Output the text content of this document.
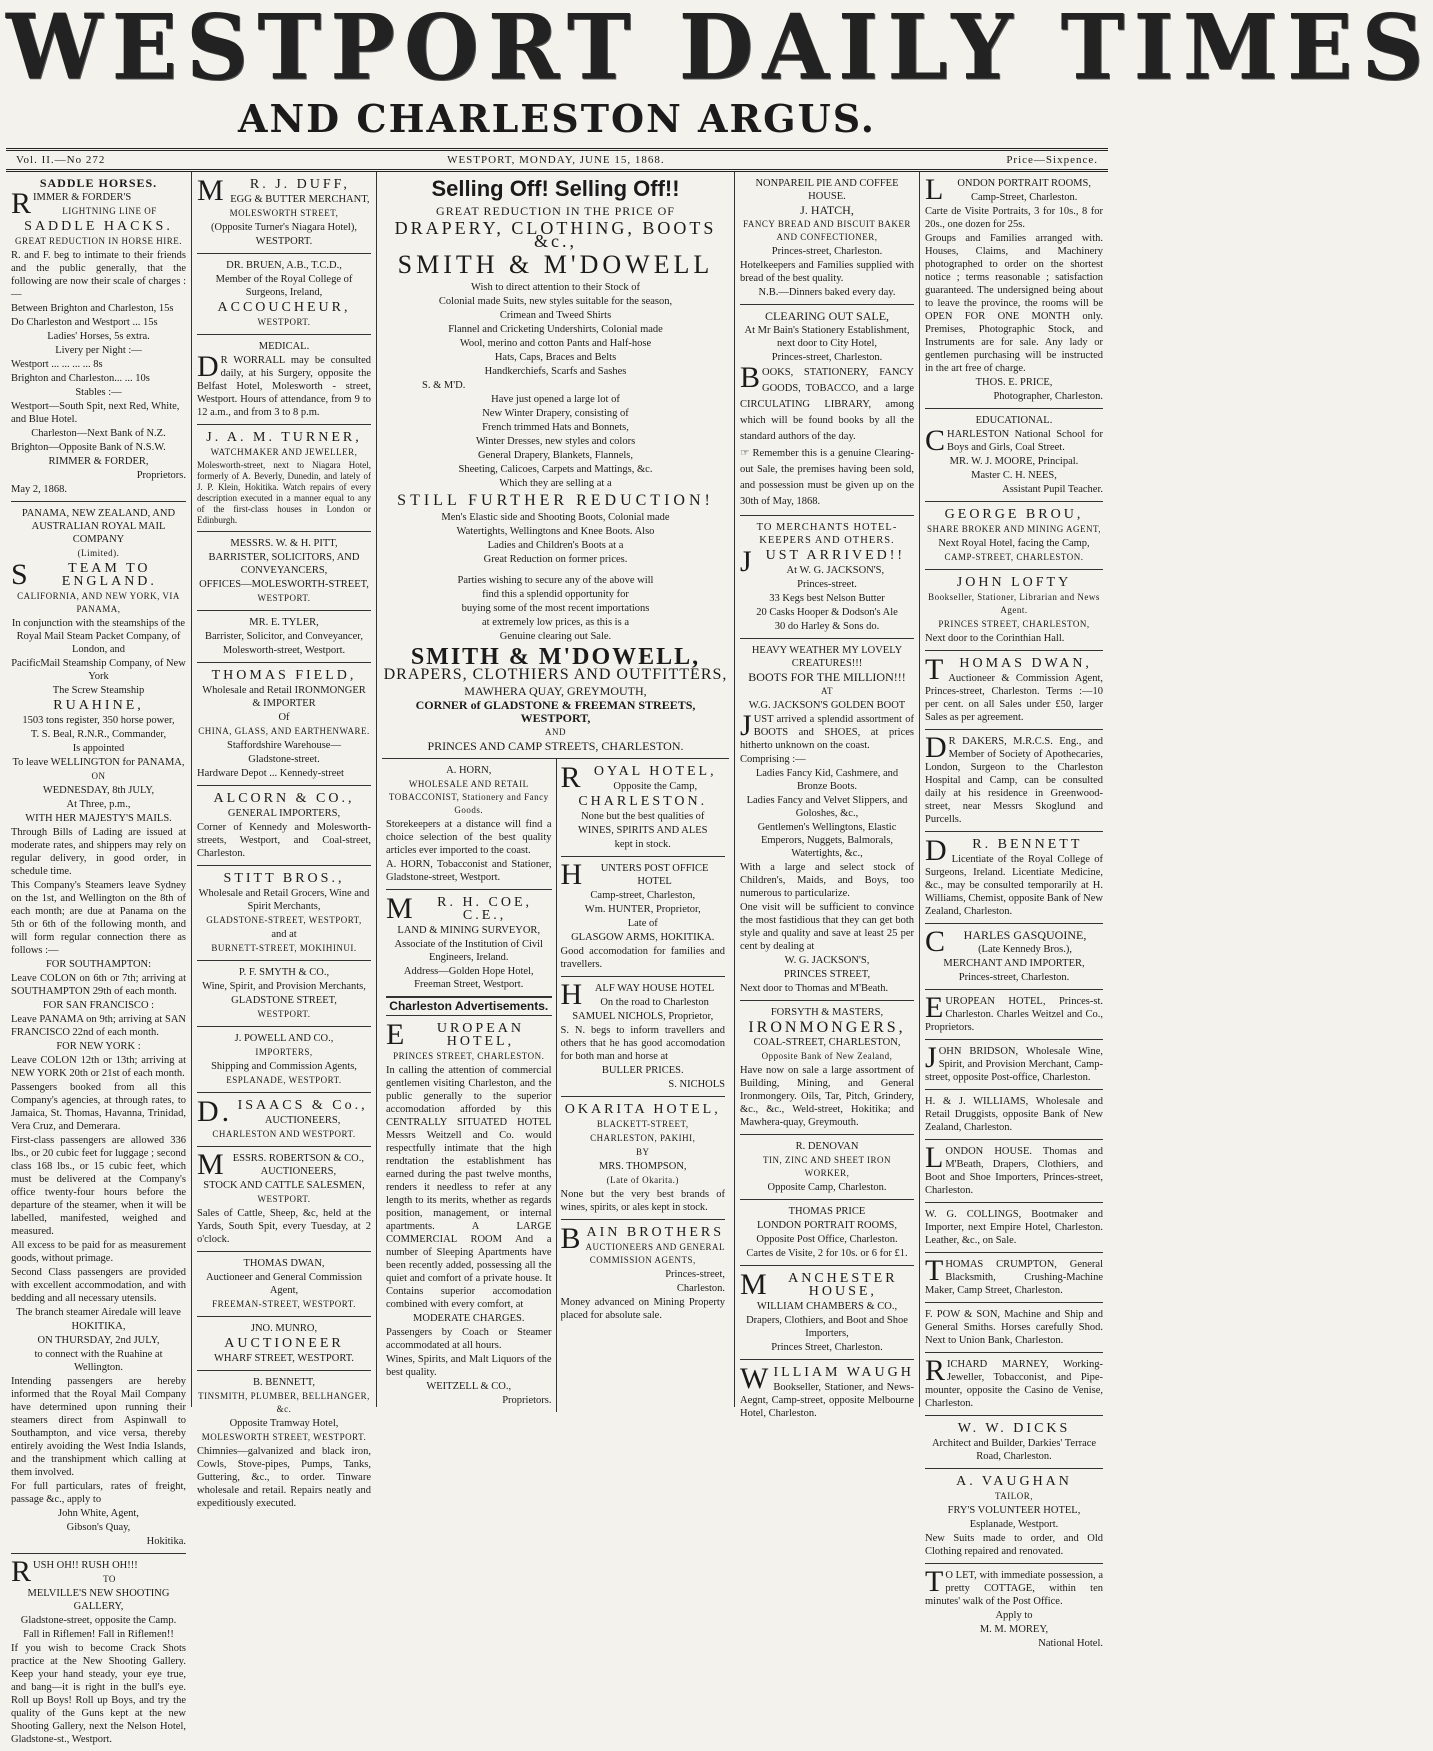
WESTPORT DAILY TIMES
AND CHARLESTON ARGUS.
Vol. II.—No 272	WESTPORT, MONDAY, JUNE 15, 1868.	Price—Sixpence.

SADDLE HORSES.

RIMMER & FORDER'S

LIGHTNING LINE OF

SADDLE HACKS.

GREAT REDUCTION IN HORSE HIRE.

R. and F. beg to intimate to their friends and the public generally, that the following are now their scale of charges :—

Between Brighton and Charleston, 15s

Do Charleston and Westport ... 15s

Ladies' Horses, 5s extra.

Livery per Night :—

Westport ... ... ... ... 8s

Brighton and Charleston... ... 10s

Stables :—

Westport—South Spit, next Red, White, and Blue Hotel.

Charleston—Next Bank of N.Z.

Brighton—Opposite Bank of N.S.W.

RIMMER & FORDER,

Proprietors.

May 2, 1868.

PANAMA, NEW ZEALAND, AND AUSTRALIAN ROYAL MAIL COMPANY

(Limited).

S	TEAM TO ENGLAND.

CALIFORNIA, AND NEW YORK, VIA PANAMA,

In conjunction with the steamships of the Royal Mail Steam Packet Company, of London, and

PacificMail Steamship Company, of New York

The Screw Steamship

RUAHINE,

1503 tons register, 350 horse power,

T. S. Beal, R.N.R., Commander,

Is appointed

To leave WELLINGTON for PANAMA,

ON

WEDNESDAY, 8th JULY,

At Three, p.m.,

WITH HER MAJESTY'S MAILS.

Through Bills of Lading are issued at moderate rates, and shippers may rely on regular delivery, in good order, in schedule time.

This Company's Steamers leave Sydney on the 1st, and Wellington on the 8th of each month; are due at Panama on the 5th or 6th of the following month, and will form regular connection there as follows :—

FOR SOUTHAMPTON:

Leave COLON on 6th or 7th; arriving at SOUTHAMPTON 29th of each month.

FOR SAN FRANCISCO :

Leave PANAMA on 9th; arriving at SAN FRANCISCO 22nd of each month.

FOR NEW YORK :

Leave COLON 12th or 13th; arriving at NEW YORK 20th or 21st of each month.

Passengers booked from all this Company's agencies, at through rates, to Jamaica, St. Thomas, Havanna, Trinidad, Vera Cruz, and Demerara.

First-class passengers are allowed 336 lbs., or 20 cubic feet for luggage ; second class 168 lbs., or 15 cubic feet, which must be delivered at the Company's office twenty-four hours before the departure of the steamer, when it will be labelled, manifested, weighed and measured.

All excess to be paid for as measurement goods, without primage.

Second Class passengers are provided with excellent accommodation, and with bedding and all necessary utensils.

The branch steamer Airedale will leave

HOKITIKA,

ON THURSDAY, 2nd JULY,

to connect with the Ruahine at Wellington.

Intending passengers are hereby informed that the Royal Mail Company have determined upon running their steamers direct from Aspinwall to Southampton, and vice versa, thereby entirely avoiding the West India Islands, and the transhipment which calling at them involved.

For full particulars, rates of freight, passage &c., apply to

John White, Agent,

Gibson's Quay,

Hokitika.

RUSH OH!! RUSH OH!!!

TO

MELVILLE'S NEW SHOOTING GALLERY,

Gladstone-street, opposite the Camp.

Fall in Riflemen! Fall in Riflemen!!

If you wish to become Crack Shots practice at the New Shooting Gallery. Keep your hand steady, your eye true, and bang—it is right in the bull's eye. Roll up Boys! Roll up Boys, and try the quality of the Guns kept at the new Shooting Gallery, next the Nelson Hotel, Gladstone-st., Westport.

M R. J. DUFF,

EGG & BUTTER MERCHANT,

MOLESWORTH STREET,

(Opposite Turner's Niagara Hotel),

WESTPORT.

DR. BRUEN, A.B., T.C.D.,

Member of the Royal College of Surgeons, Ireland,

ACCOUCHEUR,

WESTPORT.

MEDICAL.

D R WORRALL may be consulted daily, at his Surgery, opposite the Belfast Hotel, Molesworth - street, Westport. Hours of attendance, from 9 to 12 a.m., and from 3 to 8 p.m.

J. A. M. TURNER,

WATCHMAKER AND JEWELLER,

Molesworth-street, next to Niagara Hotel, formerly of A. Beverly, Dunedin, and lately of J. P. Klein, Hokitika. Watch repairs of every description executed in a manner equal to any of the first-class houses in London or Edinburgh.

MESSRS. W. & H. PITT,

BARRISTER, SOLICITORS, AND CONVEYANCERS,

OFFICES—MOLESWORTH-STREET,

WESTPORT.

MR. E. TYLER,

Barrister, Solicitor, and Conveyancer,

Molesworth-street, Westport.

THOMAS FIELD,

Wholesale and Retail IRONMONGER & IMPORTER

Of

CHINA, GLASS, AND EARTHENWARE.

Staffordshire Warehouse—

Gladstone-street.

Hardware Depot ... Kennedy-street

ALCORN & CO.,

GENERAL IMPORTERS,

Corner of Kennedy and Molesworth-streets, Westport, and Coal-street, Charleston.

STITT BROS.,

Wholesale and Retail Grocers, Wine and Spirit Merchants,

GLADSTONE-STREET, WESTPORT,

and at

BURNETT-STREET, MOKIHINUI.

P. F. SMYTH & CO.,

Wine, Spirit, and Provision Merchants,

GLADSTONE STREET,

WESTPORT.

J. POWELL AND CO.,

IMPORTERS,

Shipping and Commission Agents,

ESPLANADE, WESTPORT.

D. ISAACS & Co.,

AUCTIONEERS,

CHARLESTON AND WESTPORT.

MESSRS. ROBERTSON & CO., AUCTIONEERS,

STOCK AND CATTLE SALESMEN,

WESTPORT.

Sales of Cattle, Sheep, &c, held at the Yards, South Spit, every Tuesday, at 2 o'clock.

THOMAS DWAN,

Auctioneer and General Commission Agent,

FREEMAN-STREET, WESTPORT.

JNO. MUNRO,

AUCTIONEER

WHARF STREET, WESTPORT.

B. BENNETT,

TINSMITH, PLUMBER, BELLHANGER, &c.

Opposite Tramway Hotel,

MOLESWORTH STREET, WESTPORT.

Chimnies—galvanized and black iron, Cowls, Stove-pipes, Pumps, Tanks, Guttering, &c., to order. Tinware wholesale and retail. Repairs neatly and expeditiously executed.

Selling Off! Selling Off!!

GREAT REDUCTION IN THE PRICE OF

DRAPERY, CLOTHING, BOOTS &c.,

SMITH & M'DOWELL

Wish to direct attention to their Stock of

Colonial made Suits, new styles suitable for the season,

Crimean and Tweed Shirts

Flannel and Cricketing Undershirts, Colonial made

Wool, merino and cotton Pants and Half-hose

Hats, Caps, Braces and Belts

Handkerchiefs, Scarfs and Sashes

S. & M'D.

Have just opened a large lot of

New Winter Drapery, consisting of

French trimmed Hats and Bonnets,

Winter Dresses, new styles and colors

General Drapery, Blankets, Flannels,

Sheeting, Calicoes, Carpets and Mattings, &c.

Which they are selling at a

STILL FURTHER REDUCTION!

Men's Elastic side and Shooting Boots, Colonial made

Watertights, Wellingtons and Knee Boots. Also

Ladies and Children's Boots at a

Great Reduction on former prices.

Parties wishing to secure any of the above will

find this a splendid opportunity for

buying some of the most recent importations

at extremely low prices, as this is a

Genuine clearing out Sale.

SMITH & M'DOWELL,

DRAPERS, CLOTHIERS AND OUTFITTERS,

MAWHERA QUAY, GREYMOUTH,

CORNER of GLADSTONE & FREEMAN STREETS, WESTPORT,

AND

PRINCES AND CAMP STREETS, CHARLESTON.

A. HORN,

WHOLESALE AND RETAIL TOBACCONIST, Stationery and Fancy Goods.

Storekeepers at a distance will find a choice selection of the best quality articles ever imported to the coast.

A. HORN, Tobacconist and Stationer, Gladstone-street, Westport.

M R. H. COE, C.E.,

LAND & MINING SURVEYOR,

Associate of the Institution of Civil Engineers, Ireland.

Address—Golden Hope Hotel, Freeman Street, Westport.

Charleston Advertisements.

E UROPEAN HOTEL,

PRINCES STREET, CHARLESTON.

In calling the attention of commercial gentlemen visiting Charleston, and the public generally to the superior accomodation afforded by this CENTRALLY SITUATED HOTEL Messrs Weitzell and Co. would respectfully intimate that the high rendtation the establishment has earned during the past twelve months, renders it needless to refer at any length to its merits, whether as regards position, management, or internal apartments. A LARGE COMMERCIAL ROOM And a number of Sleeping Apartments have been recently added, possessing all the quiet and comfort of a private house. It Contains superior accomodation combined with every comfort, at

MODERATE CHARGES.

Passengers by Coach or Steamer accommodated at all hours.

Wines, Spirits, and Malt Liquors of the best quality.

WEITZELL & CO.,

Proprietors.

ROYAL HOTEL,

Opposite the Camp,

CHARLESTON.

None but the best qualities of

WINES, SPIRITS AND ALES

kept in stock.

H UNTERS POST OFFICE HOTEL

Camp-street, Charleston,

Wm. HUNTER, Proprietor,

Late of

GLASGOW ARMS, HOKITIKA.

Good accomodation for families and travellers.

H ALF WAY HOUSE HOTEL

On the road to Charleston

SAMUEL NICHOLS, Proprietor,

S. N. begs to inform travellers and others that he has good accomodation for both man and horse at

BULLER PRICES.

S. NICHOLS

OKARITA HOTEL,

BLACKETT-STREET,

CHARLESTON, PAKIHI,

BY

MRS. THOMPSON,

(Late of Okarita.)

None but the very best brands of wines, spirits, or ales kept in stock.

BAIN BROTHERS

AUCTIONEERS AND GENERAL COMMISSION AGENTS,

Princes-street,

Charleston.

Money advanced on Mining Property placed for absolute sale.

NONPAREIL PIE AND COFFEE HOUSE.

J. HATCH,

FANCY BREAD AND BISCUIT BAKER AND CONFECTIONER,

Princes-street, Charleston.

Hotelkeepers and Families supplied with bread of the best quality.

N.B.—Dinners baked every day.

CLEARING OUT SALE,

At Mr Bain's Stationery Establishment, next door to City Hotel,

Princes-street, Charleston.

BOOKS, STATIONERY, FANCY GOODS, TOBACCO, and a large CIRCULATING LIBRARY, among which will be found books by all the standard authors of the day.

☞ Remember this is a genuine Clearing-out Sale, the premises having been sold, and possession must be given up on the 30th of May, 1868.

TO MERCHANTS HOTEL-KEEPERS AND OTHERS.

JUST ARRIVED!!

At W. G. JACKSON'S,

Princes-street.

33 Kegs best Nelson Butter

20 Casks Hooper & Dodson's Ale

30 do Harley & Sons do.

HEAVY WEATHER MY LOVELY CREATURES!!!

BOOTS FOR THE MILLION!!!

AT

W.G. JACKSON'S GOLDEN BOOT

JUST arrived a splendid assortment of BOOTS and SHOES, at prices hitherto unknown on the coast.

Comprising :—

Ladies Fancy Kid, Cashmere, and Bronze Boots.

Ladies Fancy and Velvet Slippers, and Goloshes, &c.,

Gentlemen's Wellingtons, Elastic Emperors, Nuggets, Balmorals, Watertights, &c.,

With a large and select stock of Children's, Maids, and Boys, too numerous to particularize.

One visit will be sufficient to convince the most fastidious that they can get both style and quality and save at least 25 per cent by dealing at

W. G. JACKSON'S,

PRINCES STREET,

Next door to Thomas and M'Beath.

FORSYTH & MASTERS,

IRONMONGERS,

COAL-STREET, CHARLESTON,

Opposite Bank of New Zealand,

Have now on sale a large assortment of Building, Mining, and General Ironmongery. Oils, Tar, Pitch, Grindery, &c., &c., Weld-street, Hokitika; and Mawhera-quay, Greymouth.

R. DENOVAN

TIN, ZINC AND SHEET IRON WORKER,

Opposite Camp, Charleston.

THOMAS PRICE

LONDON PORTRAIT ROOMS,

Opposite Post Office, Charleston.

Cartes de Visite, 2 for 10s. or 6 for £1.

M ANCHESTER HOUSE,

WILLIAM CHAMBERS & CO.,

Drapers, Clothiers, and Boot and Shoe Importers,

Princes Street, Charleston.

WILLIAM WAUGH

Bookseller, Stationer, and News-Aegnt, Camp-street, opposite Melbourne Hotel, Charleston.

L ONDON PORTRAIT ROOMS,

Camp-Street, Charleston.

Carte de Visite Portraits, 3 for 10s., 8 for 20s., one dozen for 25s.

Groups and Families arranged with. Houses, Claims, and Machinery photographed to order on the shortest notice ; terms reasonable ; satisfaction guaranteed. The undersigned being about to leave the province, the rooms will be OPEN FOR ONE MONTH only. Premises, Photographic Stock, and Instruments are for sale. Any lady or gentlemen purchasing will be instructed in the art free of charge.

THOS. E. PRICE,

Photographer, Charleston.

EDUCATIONAL.

CHARLESTON National School for Boys and Girls, Coal Street.

MR. W. J. MOORE, Principal.

Master C. H. NEES,

Assistant Pupil Teacher.

GEORGE BROU,

SHARE BROKER AND MINING AGENT,

Next Royal Hotel, facing the Camp,

CAMP-STREET, CHARLESTON.

JOHN LOFTY

Bookseller, Stationer, Librarian and News Agent.

PRINCES STREET, CHARLESTON,

Next door to the Corinthian Hall.

THOMAS DWAN,

Auctioneer & Commission Agent, Princes-street, Charleston. Terms :—10 per cent. on all Sales under £50, larger Sales as per agreement.

D R DAKERS, M.R.C.S. Eng., and Member of Society of Apothecaries, London, Surgeon to the Charleston Hospital and Camp, can be consulted daily at his residence in Greenwood-street, near Messrs Skoglund and Purcells.

D R. BENNETT

Licentiate of the Royal College of Surgeons, Ireland. Licentiate Medicine, &c., may be consulted temporarily at H. Williams, Chemist, opposite Bank of New Zealand, Charleston.

C HARLES GASQUOINE,

(Late Kennedy Bros.),

MERCHANT AND IMPORTER,

Princes-street, Charleston.

EUROPEAN HOTEL, Princes-st. Charleston. Charles Weitzel and Co., Proprietors.

JOHN BRIDSON, Wholesale Wine, Spirit, and Provision Merchant, Camp-street, opposite Post-office, Charleston.

H. & J. WILLIAMS, Wholesale and Retail Druggists, opposite Bank of New Zealand, Charleston.

LONDON HOUSE. Thomas and M'Beath, Drapers, Clothiers, and Boot and Shoe Importers, Princes-street, Charleston.

W. G. COLLINGS, Bootmaker and Importer, next Empire Hotel, Charleston. Leather, &c., on Sale.

THOMAS CRUMPTON, General Blacksmith, Crushing-Machine Maker, Camp Street, Charleston.

F. POW & SON, Machine and Ship and General Smiths. Horses carefully Shod. Next to Union Bank, Charleston.

RICHARD MARNEY, Working-Jeweller, Tobacconist, and Pipe-mounter, opposite the Casino de Venise, Charleston.

W. W. DICKS

Architect and Builder, Darkies' Terrace Road, Charleston.

A. VAUGHAN

TAILOR,

FRY'S VOLUNTEER HOTEL,

Esplanade, Westport.

New Suits made to order, and Old Clothing repaired and renovated.

T O LET, with immediate possession, a pretty COTTAGE, within ten minutes' walk of the Post Office.

Apply to

M. M. MOREY,

National Hotel.
